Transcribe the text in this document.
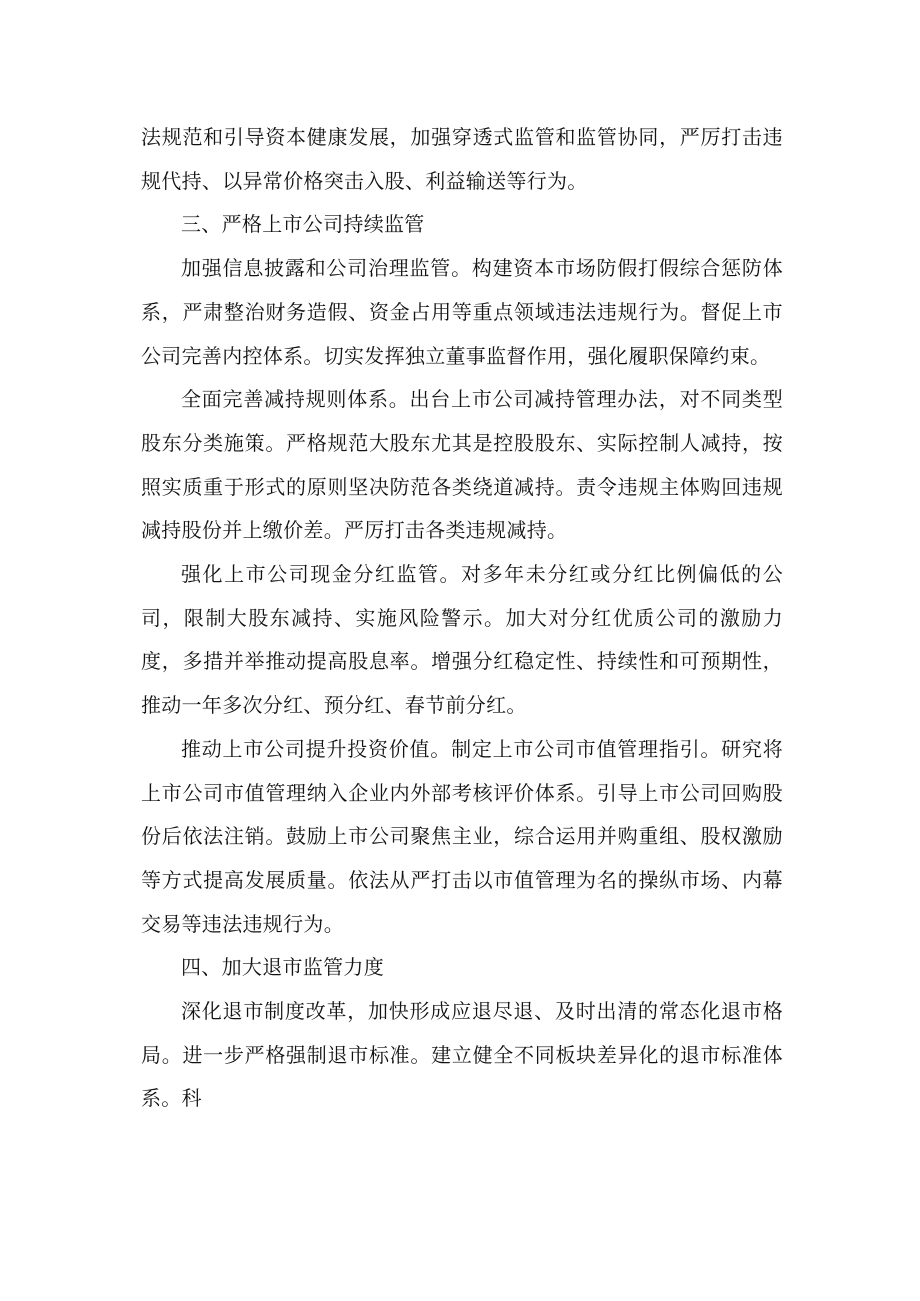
法规范和引导资本健康发展，加强穿透式监管和监管协同，严厉打击违规代持、以异常价格突击入股、利益输送等行为。

三、严格上市公司持续监管

加强信息披露和公司治理监管。构建资本市场防假打假综合惩防体系，严肃整治财务造假、资金占用等重点领域违法违规行为。督促上市公司完善内控体系。切实发挥独立董事监督作用，强化履职保障约束。

全面完善减持规则体系。出台上市公司减持管理办法，对不同类型股东分类施策。严格规范大股东尤其是控股股东、实际控制人减持，按照实质重于形式的原则坚决防范各类绕道减持。责令违规主体购回违规减持股份并上缴价差。严厉打击各类违规减持。

强化上市公司现金分红监管。对多年未分红或分红比例偏低的公司，限制大股东减持、实施风险警示。加大对分红优质公司的激励力度，多措并举推动提高股息率。增强分红稳定性、持续性和可预期性，推动一年多次分红、预分红、春节前分红。

推动上市公司提升投资价值。制定上市公司市值管理指引。研究将上市公司市值管理纳入企业内外部考核评价体系。引导上市公司回购股份后依法注销。鼓励上市公司聚焦主业，综合运用并购重组、股权激励等方式提高发展质量。依法从严打击以市值管理为名的操纵市场、内幕交易等违法违规行为。

四、加大退市监管力度

深化退市制度改革，加快形成应退尽退、及时出清的常态化退市格局。进一步严格强制退市标准。建立健全不同板块差异化的退市标准体系。科
